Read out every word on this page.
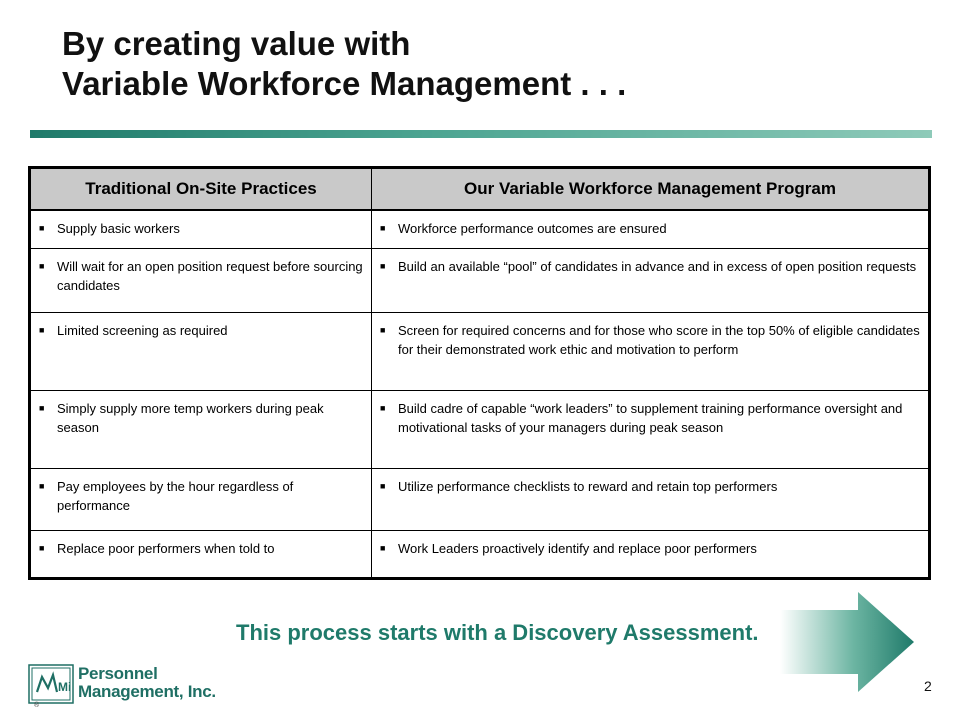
By creating value with
Variable Workforce Management . . .
Traditional On-Site Practices	Our Variable Workforce Management Program

■ Supply basic workers	■ Workforce performance outcomes are ensured

■ Will wait for an open position request before sourcing candidates	■ Build an available “pool” of candidates in advance and in excess of open position requests

■ Limited screening as required	■ Screen for required concerns and for those who score in the top 50% of eligible candidates for their demonstrated work ethic and motivation to perform

■ Simply supply more temp workers during peak season	■ Build cadre of capable “work leaders” to supplement training performance oversight and motivational tasks of your managers during peak season

■ Pay employees by the hour regardless of performance	■ Utilize performance checklists to reward and retain top performers

■ Replace poor performers when told to	■ Work Leaders proactively identify and replace poor performers
This process starts with a Discovery Assessment.
Mi
Personnel
Management, Inc.
®
2
